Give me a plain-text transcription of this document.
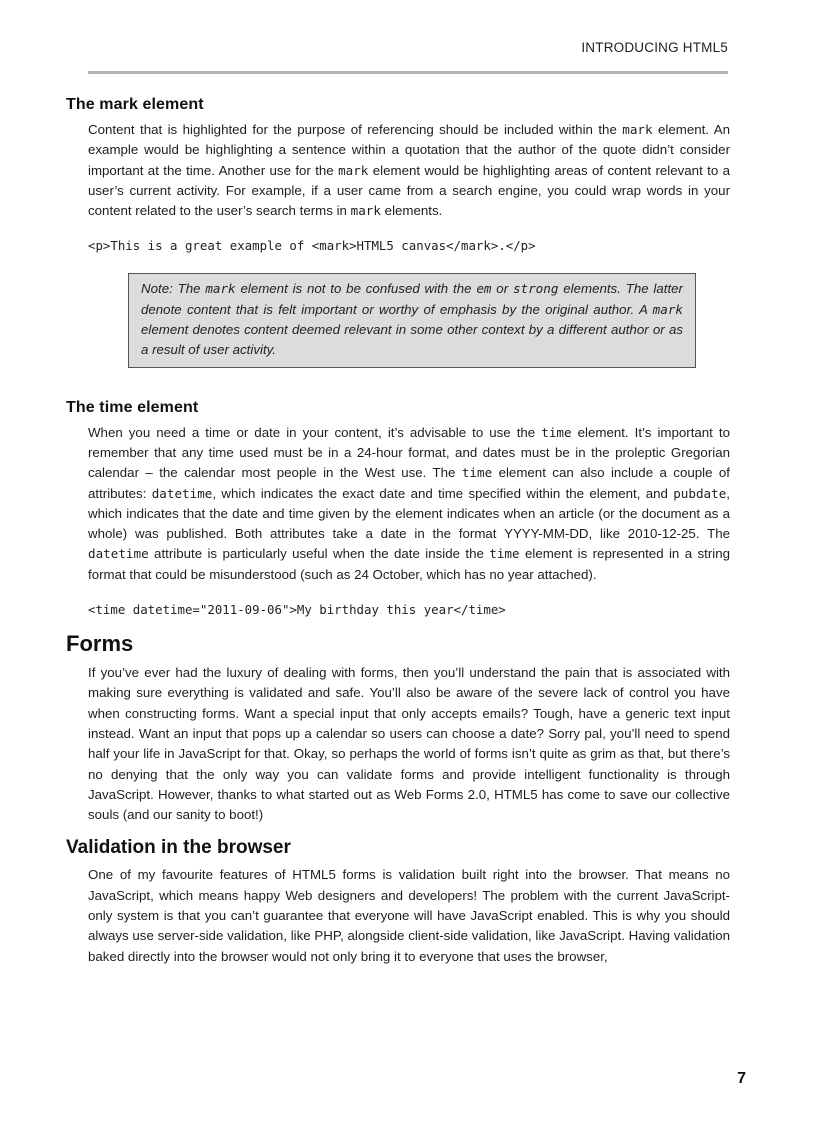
INTRODUCING HTML5
The mark element

Content that is highlighted for the purpose of referencing should be included within the mark element. An example would be highlighting a sentence within a quotation that the author of the quote didn’t consider important at the time. Another use for the mark element would be highlighting areas of content relevant to a user’s current activity. For example, if a user came from a search engine, you could wrap words in your content related to the user’s search terms in mark elements.

<p>This is a great example of <mark>HTML5 canvas</mark>.</p>
Note: The mark element is not to be confused with the em or strong elements. The latter denote content that is felt important or worthy of emphasis by the original author. A mark element denotes content deemed relevant in some other context by a different author or as a result of user activity.
The time element

When you need a time or date in your content, it’s advisable to use the time element. It’s important to remember that any time used must be in a 24-hour format, and dates must be in the proleptic Gregorian calendar – the calendar most people in the West use. The time element can also include a couple of attributes: datetime, which indicates the exact date and time specified within the element, and pubdate, which indicates that the date and time given by the element indicates when an article (or the document as a whole) was published. Both attributes take a date in the format YYYY-MM-DD, like 2010-12-25. The datetime attribute is particularly useful when the date inside the time element is represented in a string format that could be misunderstood (such as 24 October, which has no year attached).

<time datetime="2011-09-06">My birthday this year</time>
Forms

If you’ve ever had the luxury of dealing with forms, then you’ll understand the pain that is associated with making sure everything is validated and safe. You’ll also be aware of the severe lack of control you have when constructing forms. Want a special input that only accepts emails? Tough, have a generic text input instead. Want an input that pops up a calendar so users can choose a date? Sorry pal, you’ll need to spend half your life in JavaScript for that. Okay, so perhaps the world of forms isn’t quite as grim as that, but there’s no denying that the only way you can validate forms and provide intelligent functionality is through JavaScript. However, thanks to what started out as Web Forms 2.0, HTML5 has come to save our collective souls (and our sanity to boot!)

Validation in the browser

One of my favourite features of HTML5 forms is validation built right into the browser. That means no JavaScript, which means happy Web designers and developers! The problem with the current JavaScript-only system is that you can’t guarantee that everyone will have JavaScript enabled. This is why you should always use server-side validation, like PHP, alongside client-side validation, like JavaScript. Having validation baked directly into the browser would not only bring it to everyone that uses the browser,

7
